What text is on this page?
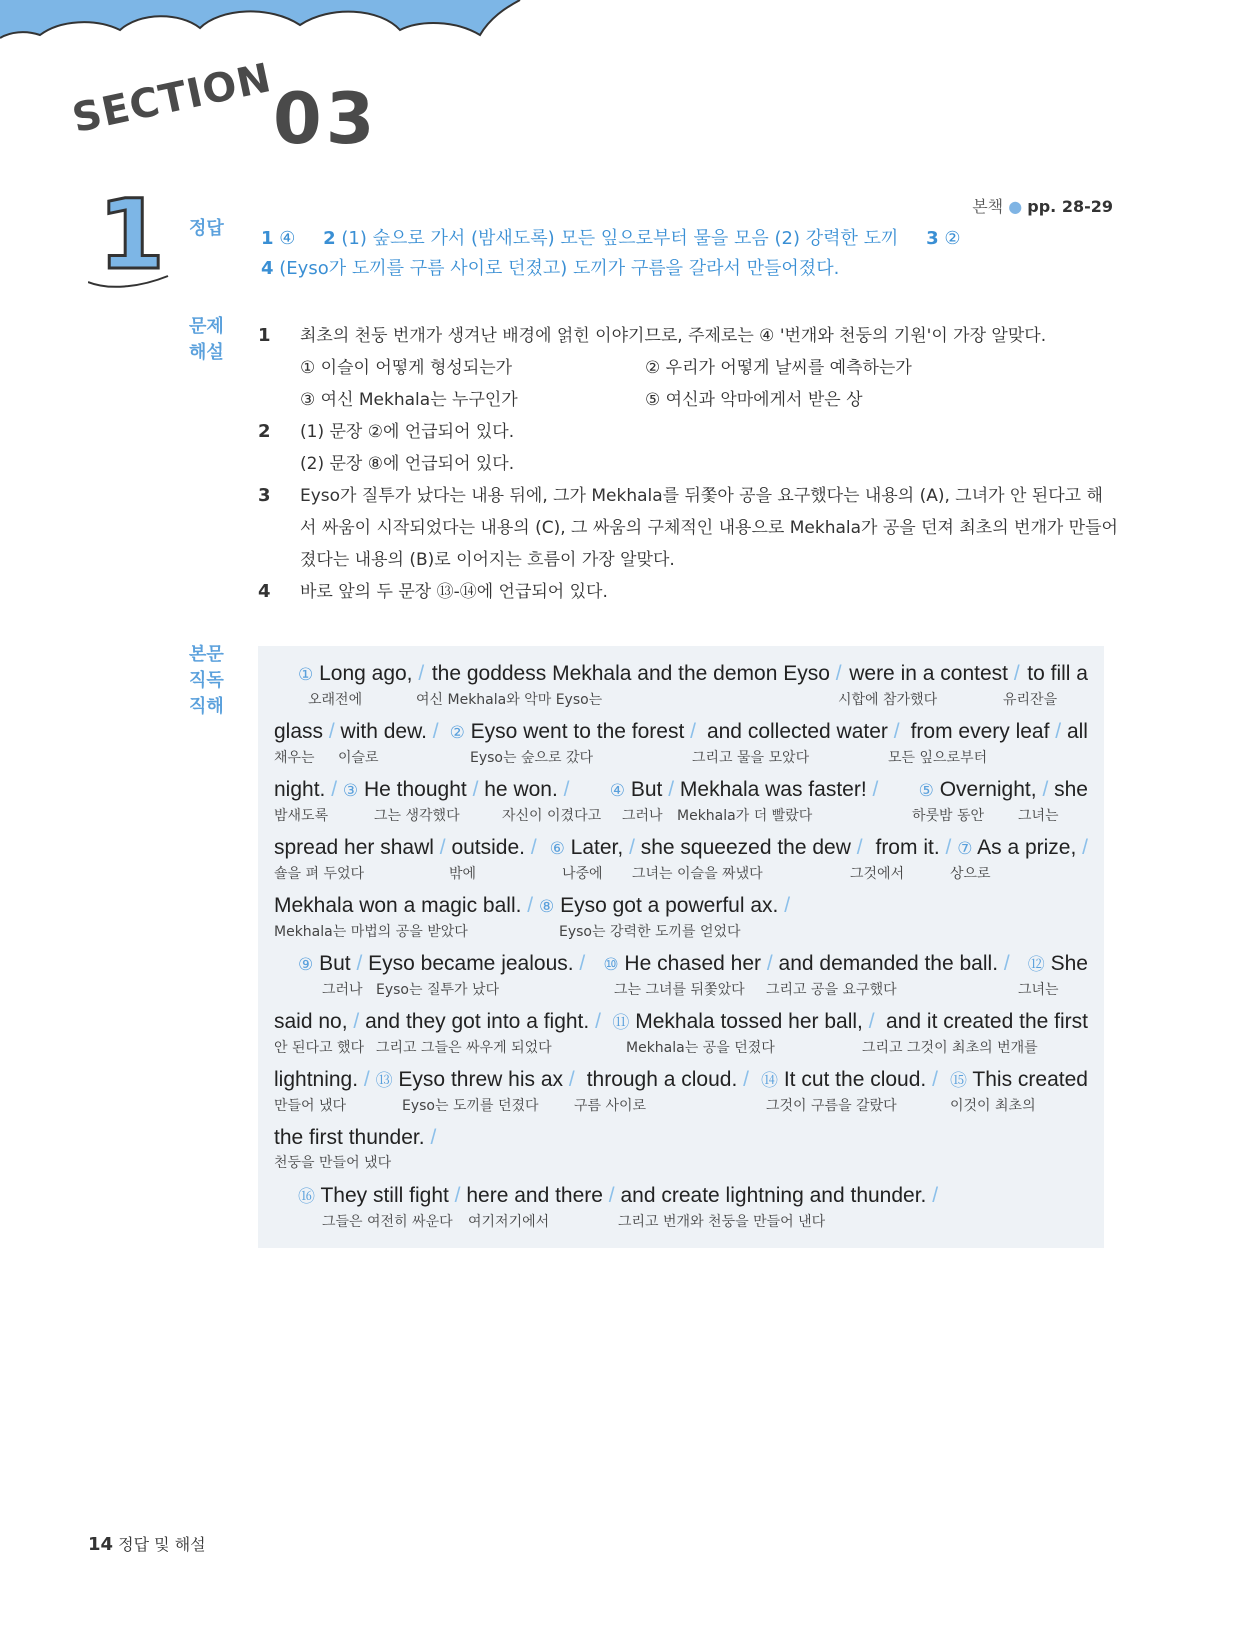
SECTION
03
본책 ● pp. 28-29
1 정답 1 ④ 2 (1) 숲으로 가서 (밤새도록) 모든 잎으로부터 물을 모음 (2) 강력한 도끼 3 ②
4 (Eyso가 도끼를 구름 사이로 던졌고) 도끼가 구름을 갈라서 만들어졌다.
문제
해설
1 최초의 천둥 번개가 생겨난 배경에 얽힌 이야기므로, 주제로는 ④ '번개와 천둥의 기원'이 가장 알맞다.
① 이슬이 어떻게 형성되는가	② 우리가 어떻게 날씨를 예측하는가
③ 여신 Mekhala는 누구인가	⑤ 여신과 악마에게서 받은 상
2 (1) 문장 ②에 언급되어 있다.
(2) 문장 ⑧에 언급되어 있다.
3 Eyso가 질투가 났다는 내용 뒤에, 그가 Mekhala를 뒤쫓아 공을 요구했다는 내용의 (A), 그녀가 안 된다고 해
서 싸움이 시작되었다는 내용의 (C), 그 싸움의 구체적인 내용으로 Mekhala가 공을 던져 최초의 번개가 만들어
졌다는 내용의 (B)로 이어지는 흐름이 가장 알맞다.
4 바로 앞의 두 문장 ⑬-⑭에 언급되어 있다.
본문
직독
직해
① Long ago, / the goddess Mekhala and the demon Eyso / were in a contest / to fill a
오래전에	여신 Mekhala와 악마 Eyso는	시합에 참가했다	유리잔을
glass / with dew. / ② Eyso went to the forest / and collected water / from every leaf / all
채우는 이슬로	Eyso는 숲으로 갔다	그리고 물을 모았다	모든 잎으로부터
night. / ③ He thought / he won. / ④ But / Mekhala was faster! / ⑤ Overnight, / she
밤새도록	그는 생각했다	자신이 이겼다고 그러나 Mekhala가 더 빨랐다	하룻밤 동안 그녀는
spread her shawl / outside. / ⑥ Later, / she squeezed the dew / from it. / ⑦ As a prize, /
숄을 펴 두었다	밖에	나중에 그녀는 이슬을 짜냈다	그것에서	상으로
Mekhala won a magic ball. /
⑧ Eyso got a powerful ax. /
Mekhala는 마법의 공을 받았다	Eyso는 강력한 도끼를 얻었다
⑨ But / Eyso became jealous. / ⑩ He chased her / and demanded the ball. / ⑫ She
그러나 Eyso는 질투가 났다	그는 그녀를 뒤쫓았다 그리고 공을 요구했다	그녀는
said no, / and they got into a fight. / ⑪ Mekhala tossed her ball, / and it created the first
안 된다고 했다 그리고 그들은 싸우게 되었다	Mekhala는 공을 던졌다	그리고 그것이 최초의 번개를
lightning. / ⑬ Eyso threw his ax / through a cloud. / ⑭ It cut the cloud. / ⑮ This created
만들어 냈다	Eyso는 도끼를 던졌다	구름 사이로	그것이 구름을 갈랐다	이것이 최초의
the first thunder. /
천둥을 만들어 냈다
⑯ They still fight / here and there /
and create lightning and thunder. /
그들은 여전히 싸운다 여기저기에서	그리고 번개와 천둥을 만들어 낸다
14 정답 및 해설
